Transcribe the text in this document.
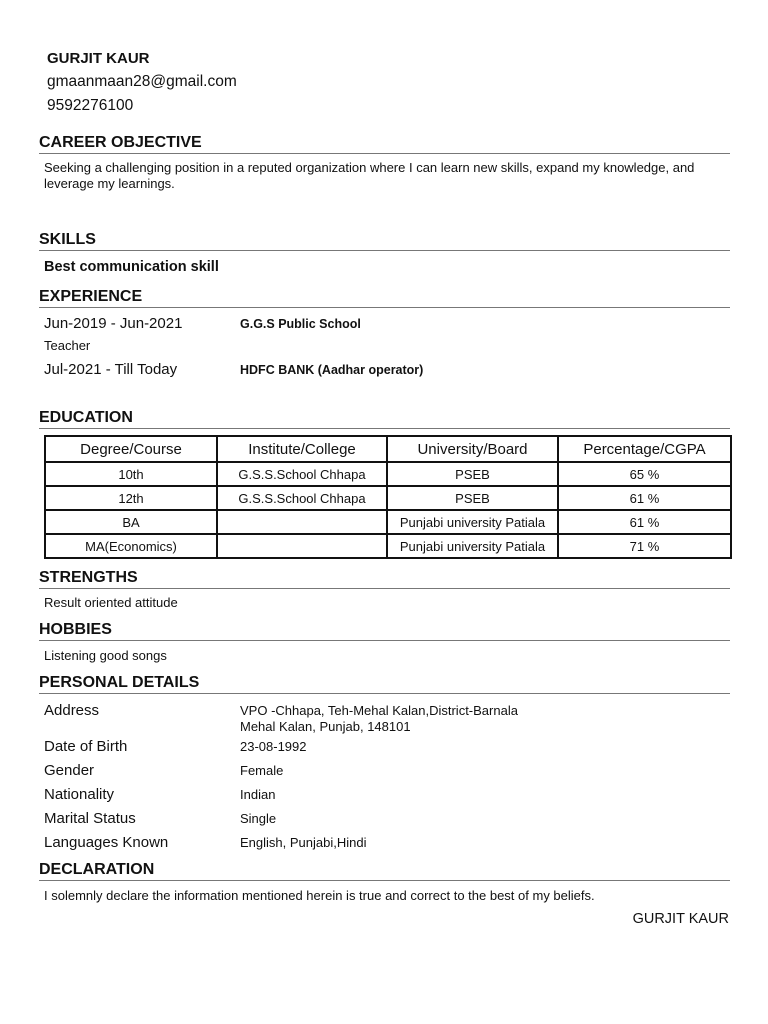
GURJIT KAUR
gmaanmaan28@gmail.com
9592276100
CAREER OBJECTIVE
Seeking a challenging position in a reputed organization where I can learn new skills, expand my knowledge, and leverage my learnings.
SKILLS
Best communication skill
EXPERIENCE
Jun-2019 - Jun-2021	G.G.S Public School
Teacher
Jul-2021 - Till Today	HDFC BANK (Aadhar operator)
EDUCATION
Degree/Course	Institute/College	University/Board	Percentage/CGPA
10th	G.S.S.School Chhapa	PSEB	65 %
12th	G.S.S.School Chhapa	PSEB	61 %
BA		Punjabi university Patiala	61 %
MA(Economics)		Punjabi university Patiala	71 %
STRENGTHS
Result oriented attitude
HOBBIES
Listening good songs
PERSONAL DETAILS
Address	VPO -Chhapa, Teh-Mehal Kalan,District-Barnala
Mehal Kalan, Punjab, 148101
Date of Birth	23-08-1992
Gender	Female
Nationality	Indian
Marital Status	Single
Languages Known	English, Punjabi,Hindi
DECLARATION
I solemnly declare the information mentioned herein is true and correct to the best of my beliefs.
GURJIT KAUR
